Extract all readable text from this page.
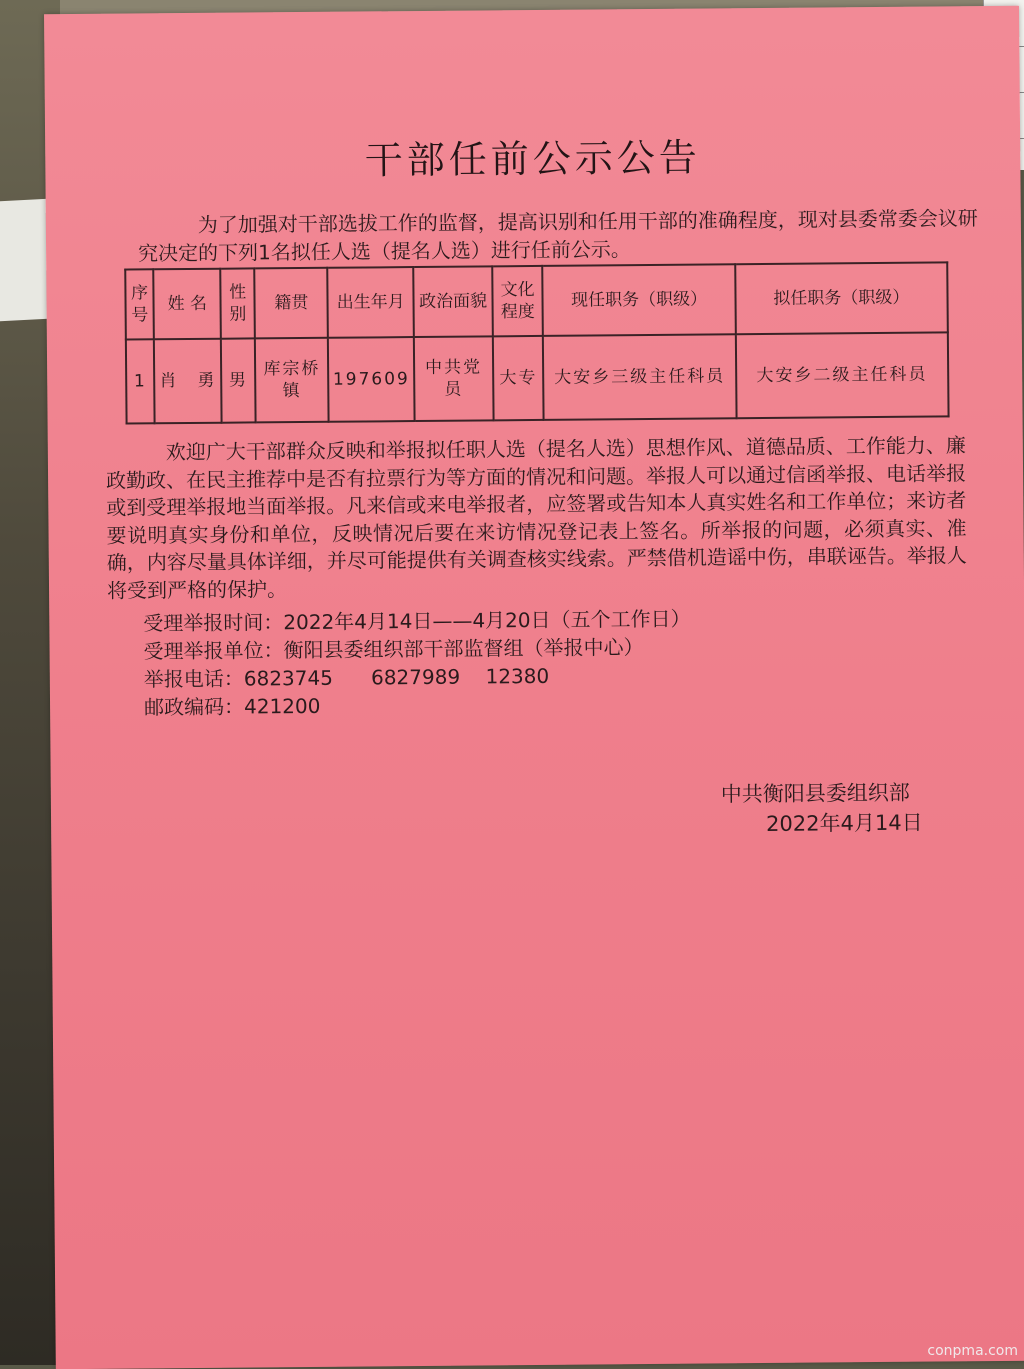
干部任前公示公告
为了加强对干部选拔工作的监督，提高识别和任用干部的准确程度，现对县委常委会议研究决定的下列1名拟任人选（提名人选）进行任前公示。
序号	姓 名	性别	籍贯	出生年月	政治面貌	文化程度	现任职务（职级）	拟任职务（职级）
1	肖　勇	男	库宗桥镇	197609	中共党员	大专	大安乡三级主任科员	大安乡二级主任科员
欢迎广大干部群众反映和举报拟任职人选（提名人选）思想作风、道德品质、工作能力、廉政勤政、在民主推荐中是否有拉票行为等方面的情况和问题。举报人可以通过信函举报、电话举报或到受理举报地当面举报。凡来信或来电举报者，应签署或告知本人真实姓名和工作单位；来访者要说明真实身份和单位，反映情况后要在来访情况登记表上签名。所举报的问题，必须真实、准确，内容尽量具体详细，并尽可能提供有关调查核实线索。严禁借机造谣中伤，串联诬告。举报人将受到严格的保护。
受理举报时间：2022年4月14日——4月20日（五个工作日）
受理举报单位：衡阳县委组织部干部监督组（举报中心）
举报电话：6823745      6827989    12380
邮政编码：421200
中共衡阳县委组织部
2022年4月14日
conpma.com
